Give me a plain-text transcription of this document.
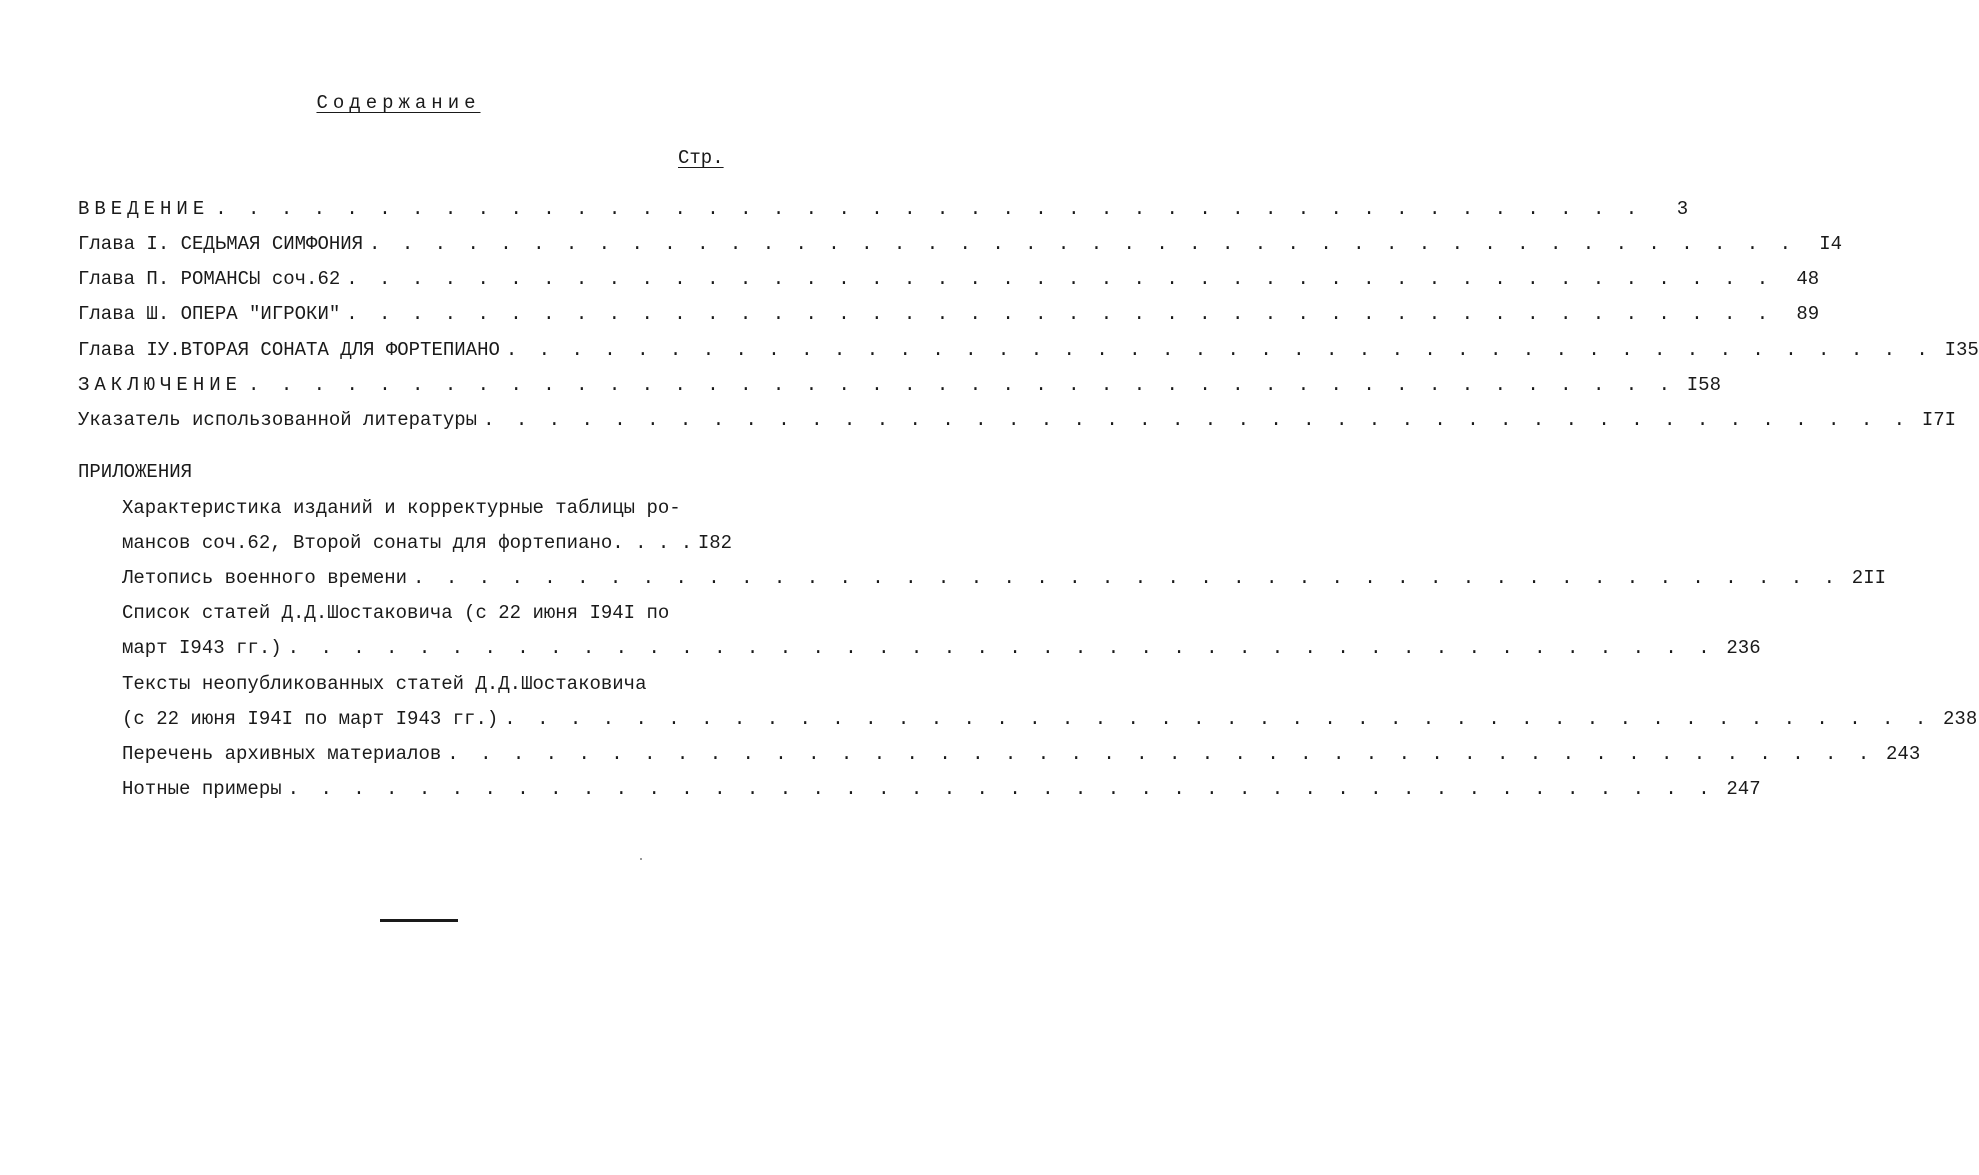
Содержание
Стр.
ВВЕДЕНИЕ . . . . . . . . . . . . . . . . . . . . . . . . . . . . . . . . . . . . . . . . . . . .	3
Глава I. СЕДЬМАЯ СИМФОНИЯ . . . . . . . . . . . . . . . . . . . . . . . . . . . . . . . . . . . . . . . . . . . .	I4
Глава П. РОМАНСЫ соч.62 . . . . . . . . . . . . . . . . . . . . . . . . . . . . . . . . . . . . . . . . . . . .	48
Глава Ш. ОПЕРА "ИГРОКИ" . . . . . . . . . . . . . . . . . . . . . . . . . . . . . . . . . . . . . . . . . . . .	89
Глава IУ.ВТОРАЯ СОНАТА ДЛЯ ФОРТЕПИАНО . . . . . . . . . . . . . . . . . . . . . . . . . . . . . . . . . . . . . . . . . . . . I35
ЗАКЛЮЧЕНИЕ . . . . . . . . . . . . . . . . . . . . . . . . . . . . . . . . . . . . . . . . . . . . I58
Указатель использованной литературы . . . . . . . . . . . . . . . . . . . . . . . . . . . . . . . . . . . . . . . . . . . . I7I
ПРИЛОЖЕНИЯ
Характеристика изданий и корректурные таблицы ро-
мансов соч.62, Второй сонаты для фортепиано. . . . I82
Летопись военного времени . . . . . . . . . . . . . . . . . . . . . . . . . . . . . . . . . . . . . . . . . . . . 2II
Список статей Д.Д.Шостаковича (с 22 июня I94I по
март I943 гг.) . . . . . . . . . . . . . . . . . . . . . . . . . . . . . . . . . . . . . . . . . . . . 236
Тексты неопубликованных статей Д.Д.Шостаковича
(с 22 июня I94I по март I943 гг.) . . . . . . . . . . . . . . . . . . . . . . . . . . . . . . . . . . . . . . . . . . . . 238
Перечень архивных материалов . . . . . . . . . . . . . . . . . . . . . . . . . . . . . . . . . . . . . . . . . . . . 243
Нотные примеры . . . . . . . . . . . . . . . . . . . . . . . . . . . . . . . . . . . . . . . . . . . . 247
